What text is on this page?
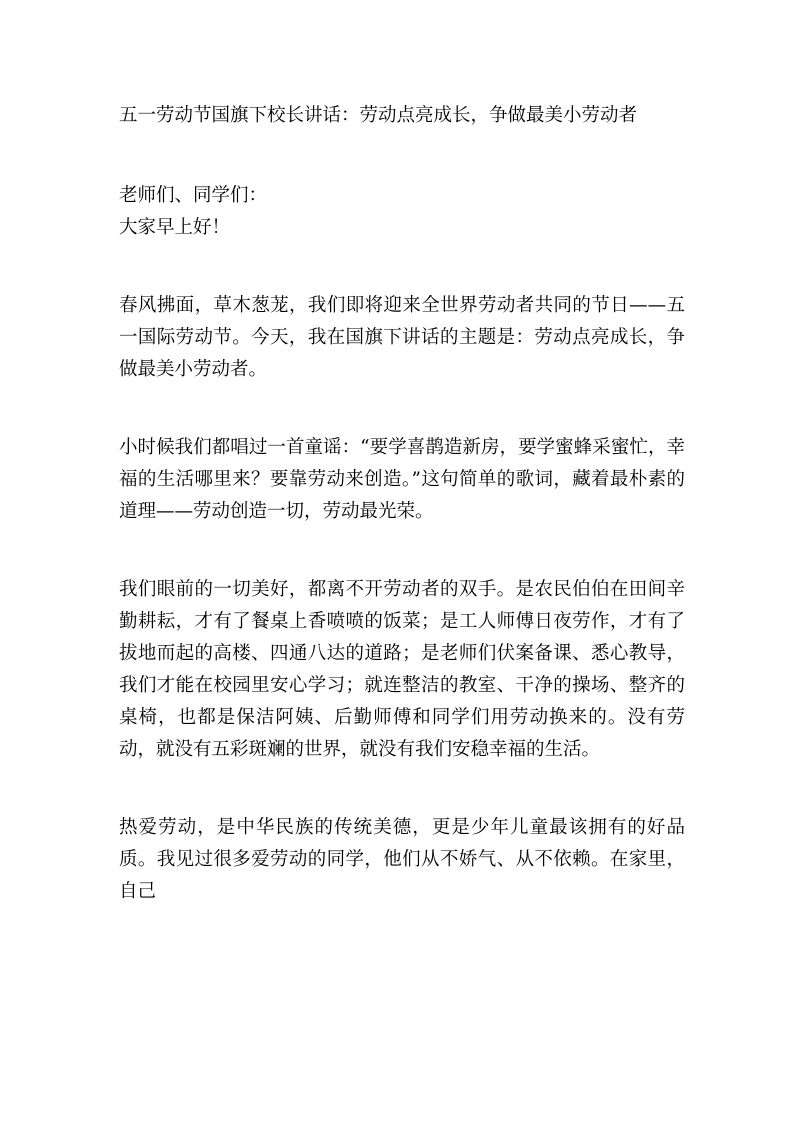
五一劳动节国旗下校长讲话：劳动点亮成长，争做最美小劳动者

老师们、同学们：

大家早上好！

春风拂面，草木葱茏，我们即将迎来全世界劳动者共同的节日——五一国际劳动节。今天，我在国旗下讲话的主题是：劳动点亮成长，争做最美小劳动者。

小时候我们都唱过一首童谣：“要学喜鹊造新房，要学蜜蜂采蜜忙，幸福的生活哪里来？要靠劳动来创造。”这句简单的歌词，藏着最朴素的道理——劳动创造一切，劳动最光荣。

我们眼前的一切美好，都离不开劳动者的双手。是农民伯伯在田间辛勤耕耘，才有了餐桌上香喷喷的饭菜；是工人师傅日夜劳作，才有了拔地而起的高楼、四通八达的道路；是老师们伏案备课、悉心教导，我们才能在校园里安心学习；就连整洁的教室、干净的操场、整齐的桌椅，也都是保洁阿姨、后勤师傅和同学们用劳动换来的。没有劳动，就没有五彩斑斓的世界，就没有我们安稳幸福的生活。

热爱劳动，是中华民族的传统美德，更是少年儿童最该拥有的好品质。我见过很多爱劳动的同学，他们从不娇气、从不依赖。在家里，自己
